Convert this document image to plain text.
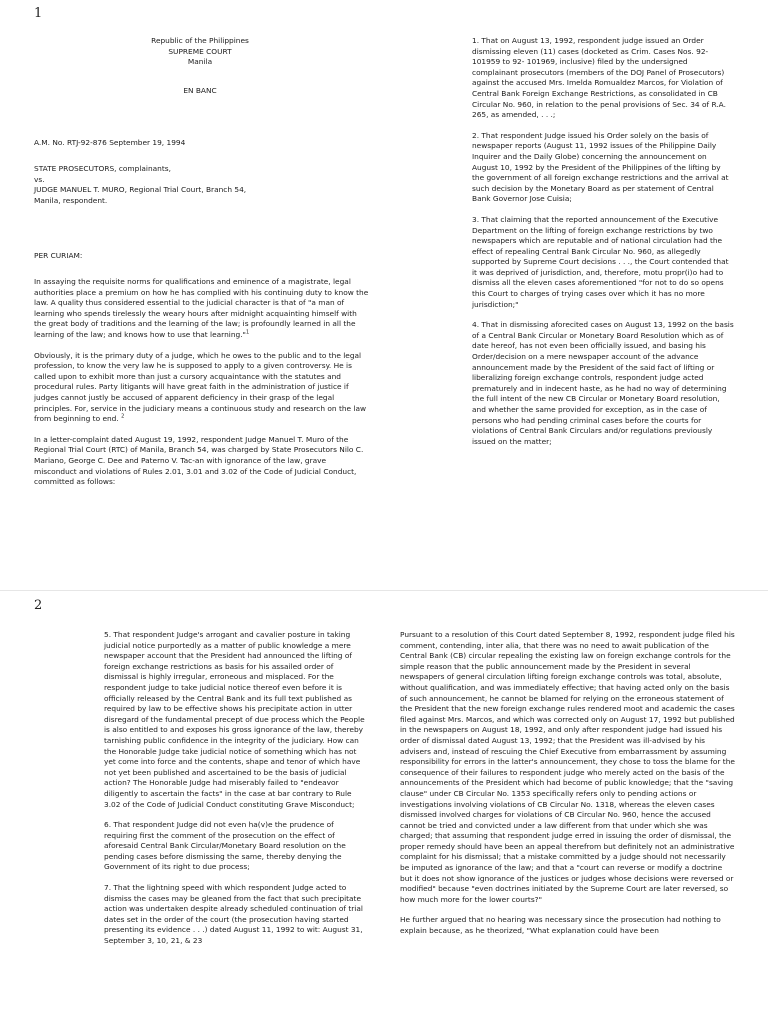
1
Republic of the Philippines
SUPREME COURT
Manila
EN BANC
A.M. No. RTJ-92-876 September 19, 1994
STATE PROSECUTORS, complainants,
vs.
JUDGE MANUEL T. MURO, Regional Trial Court, Branch 54,
Manila, respondent.
PER CURIAM:

In assaying the requisite norms for qualifications and eminence of a magistrate, legal authorities place a premium on how he has complied with his continuing duty to know the law. A quality thus considered essential to the judicial character is that of "a man of learning who spends tirelessly the weary hours after midnight acquainting himself with the great body of traditions and the learning of the law; is profoundly learned in all the learning of the law; and knows how to use that learning."$^1$

Obviously, it is the primary duty of a judge, which he owes to the public and to the legal profession, to know the very law he is supposed to apply to a given controversy. He is called upon to exhibit more than just a cursory acquaintance with the statutes and procedural rules. Party litigants will have great faith in the administration of justice if judges cannot justly be accused of apparent deficiency in their grasp of the legal principles. For, service in the judiciary means a continuous study and research on the law from beginning to end. $^2$

In a letter-complaint dated August 19, 1992, respondent Judge Manuel T. Muro of the Regional Trial Court (RTC) of Manila, Branch 54, was charged by State Prosecutors Nilo C. Mariano, George C. Dee and Paterno V. Tac-an with ignorance of the law, grave misconduct and violations of Rules 2.01, 3.01 and 3.02 of the Code of Judicial Conduct, committed as follows:

1. That on August 13, 1992, respondent judge issued an Order dismissing eleven (11) cases (docketed as Crim. Cases Nos. 92-101959 to 92- 101969, inclusive) filed by the undersigned complainant prosecutors (members of the DOJ Panel of Prosecutors) against the accused Mrs. Imelda Romualdez Marcos, for Violation of Central Bank Foreign Exchange Restrictions, as consolidated in CB Circular No. 960, in relation to the penal provisions of Sec. 34 of R.A. 265, as amended, . . .;

2. That respondent Judge issued his Order solely on the basis of newspaper reports (August 11, 1992 issues of the Philippine Daily Inquirer and the Daily Globe) concerning the announcement on August 10, 1992 by the President of the Philippines of the lifting by the government of all foreign exchange restrictions and the arrival at such decision by the Monetary Board as per statement of Central Bank Governor Jose Cuisia;

3. That claiming that the reported announcement of the Executive Department on the lifting of foreign exchange restrictions by two newspapers which are reputable and of national circulation had the effect of repealing Central Bank Circular No. 960, as allegedly supported by Supreme Court decisions . . ., the Court contended that it was deprived of jurisdiction, and, therefore, motu propr(i)o had to dismiss all the eleven cases aforementioned "for not to do so opens this Court to charges of trying cases over which it has no more jurisdiction;"

4. That in dismissing aforecited cases on August 13, 1992 on the basis of a Central Bank Circular or Monetary Board Resolution which as of date hereof, has not even been officially issued, and basing his Order/decision on a mere newspaper account of the advance announcement made by the President of the said fact of lifting or liberalizing foreign exchange controls, respondent judge acted prematurely and in indecent haste, as he had no way of determining the full intent of the new CB Circular or Monetary Board resolution, and whether the same provided for exception, as in the case of persons who had pending criminal cases before the courts for violations of Central Bank Circulars and/or regulations previously issued on the matter;

2

5. That respondent Judge's arrogant and cavalier posture in taking judicial notice purportedly as a matter of public knowledge a mere newspaper account that the President had announced the lifting of foreign exchange restrictions as basis for his assailed order of dismissal is highly irregular, erroneous and misplaced. For the respondent judge to take judicial notice thereof even before it is officially released by the Central Bank and its full text published as required by law to be effective shows his precipitate action in utter disregard of the fundamental precept of due process which the People is also entitled to and exposes his gross ignorance of the law, thereby tarnishing public confidence in the integrity of the judiciary. How can the Honorable Judge take judicial notice of something which has not yet come into force and the contents, shape and tenor of which have not yet been published and ascertained to be the basis of judicial action? The Honorable Judge had miserably failed to "endeavor diligently to ascertain the facts" in the case at bar contrary to Rule 3.02 of the Code of Judicial Conduct constituting Grave Misconduct;

6. That respondent Judge did not even ha(v)e the prudence of requiring first the comment of the prosecution on the effect of aforesaid Central Bank Circular/Monetary Board resolution on the pending cases before dismissing the same, thereby denying the Government of its right to due process;

7. That the lightning speed with which respondent Judge acted to dismiss the cases may be gleaned from the fact that such precipitate action was undertaken despite already scheduled continuation of trial dates set in the order of the court (the prosecution having started presenting its evidence . . .) dated August 11, 1992 to wit: August 31, September 3, 10, 21, & 23

Pursuant to a resolution of this Court dated September 8, 1992, respondent judge filed his comment, contending, inter alia, that there was no need to await publication of the Central Bank (CB) circular repealing the existing law on foreign exchange controls for the simple reason that the public announcement made by the President in several newspapers of general circulation lifting foreign exchange controls was total, absolute, without qualification, and was immediately effective; that having acted only on the basis of such announcement, he cannot be blamed for relying on the erroneous statement of the President that the new foreign exchange rules rendered moot and academic the cases filed against Mrs. Marcos, and which was corrected only on August 17, 1992 but published in the newspapers on August 18, 1992, and only after respondent judge had issued his order of dismissal dated August 13, 1992; that the President was ill-advised by his advisers and, instead of rescuing the Chief Executive from embarrassment by assuming responsibility for errors in the latter's announcement, they chose to toss the blame for the consequence of their failures to respondent judge who merely acted on the basis of the announcements of the President which had become of public knowledge; that the "saving clause" under CB Circular No. 1353 specifically refers only to pending actions or investigations involving violations of CB Circular No. 1318, whereas the eleven cases dismissed involved charges for violations of CB Circular No. 960, hence the accused cannot be tried and convicted under a law different from that under which she was charged; that assuming that respondent judge erred in issuing the order of dismissal, the proper remedy should have been an appeal therefrom but definitely not an administrative complaint for his dismissal; that a mistake committed by a judge should not necessarily be imputed as ignorance of the law; and that a "court can reverse or modify a doctrine but it does not show ignorance of the justices or judges whose decisions were reversed or modified" because "even doctrines initiated by the Supreme Court are later reversed, so how much more for the lower courts?"

He further argued that no hearing was necessary since the prosecution had nothing to explain because, as he theorized, "What explanation could have been
